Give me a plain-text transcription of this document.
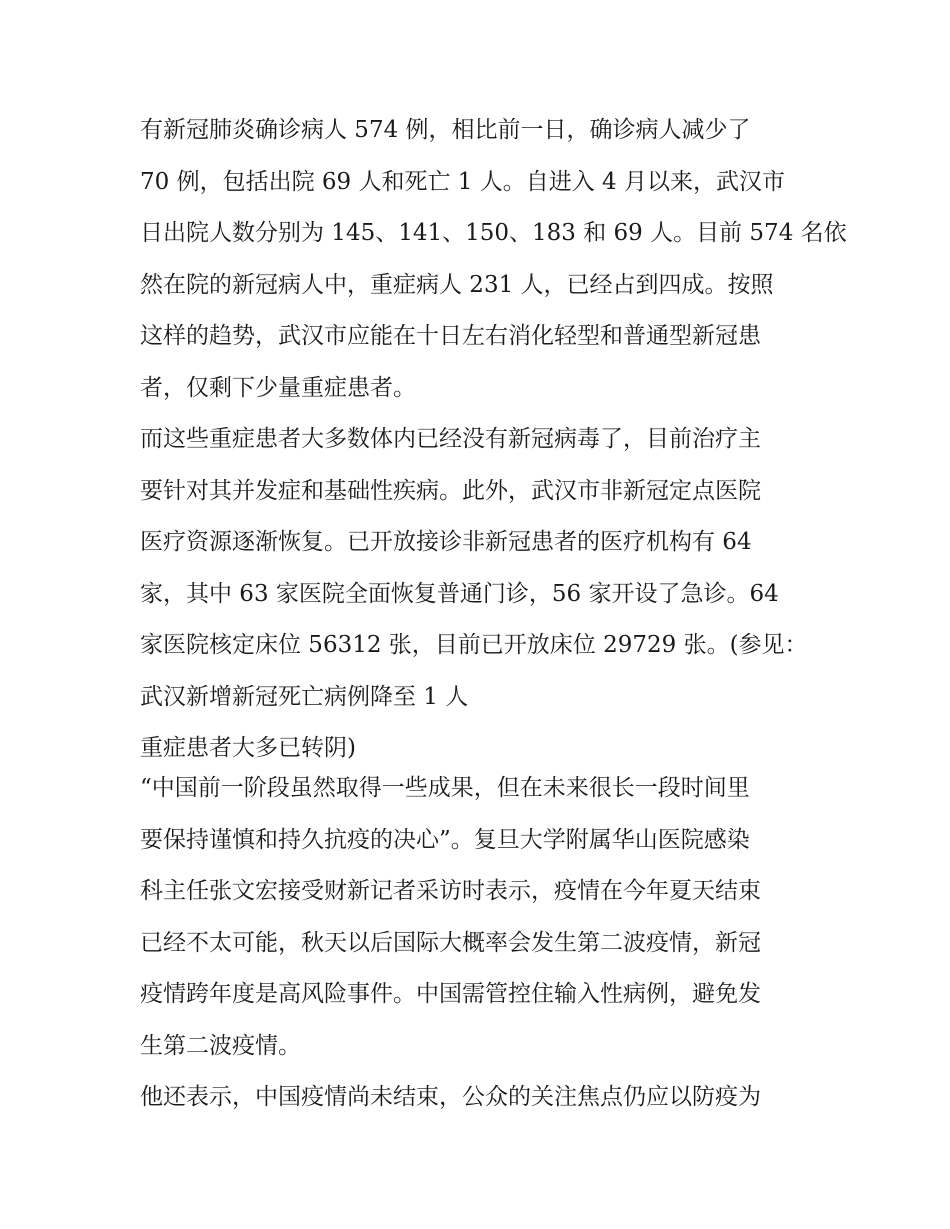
有新冠肺炎确诊病人 574 例，相比前一日，确诊病人减少了
70 例，包括出院 69 人和死亡 1 人。自进入 4 月以来，武汉市
日出院人数分别为 145、141、150、183 和 69 人。目前 574 名依
然在院的新冠病人中，重症病人 231 人，已经占到四成。按照
这样的趋势，武汉市应能在十日左右消化轻型和普通型新冠患
者，仅剩下少量重症患者。
而这些重症患者大多数体内已经没有新冠病毒了，目前治疗主
要针对其并发症和基础性疾病。此外，武汉市非新冠定点医院
医疗资源逐渐恢复。已开放接诊非新冠患者的医疗机构有 64
家，其中 63 家医院全面恢复普通门诊，56 家开设了急诊。64
家医院核定床位 56312 张，目前已开放床位 29729 张。(参见：
武汉新增新冠死亡病例降至 1 人
重症患者大多已转阴)
“中国前一阶段虽然取得一些成果，但在未来很长一段时间里
要保持谨慎和持久抗疫的决心”。复旦大学附属华山医院感染
科主任张文宏接受财新记者采访时表示，疫情在今年夏天结束
已经不太可能，秋天以后国际大概率会发生第二波疫情，新冠
疫情跨年度是高风险事件。中国需管控住输入性病例，避免发
生第二波疫情。
他还表示，中国疫情尚未结束，公众的关注焦点仍应以防疫为
